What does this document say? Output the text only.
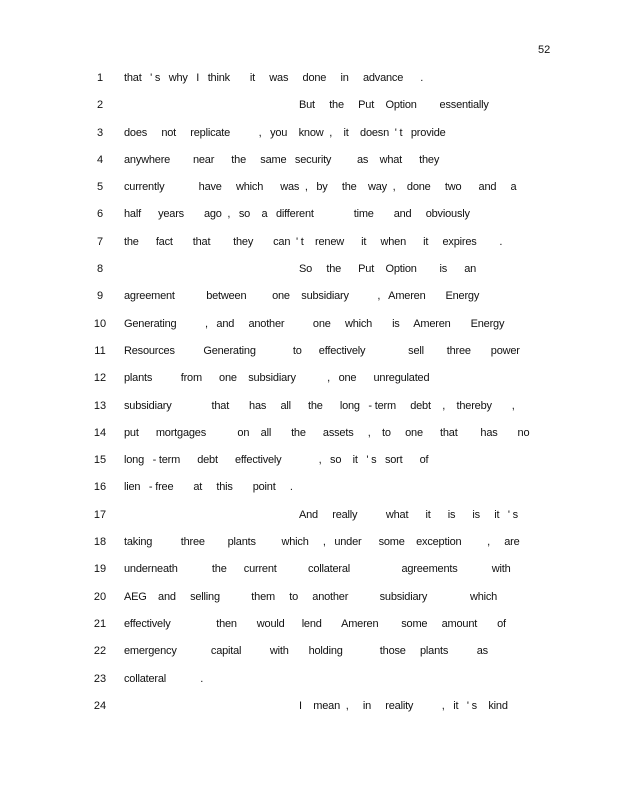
52
1	that   ' s   why   I   think       it     was     done     in     advance      .
2	But     the     Put    Option        essentially
3	does     not     replicate          ,   you    know  ,    it    doesn  ' t   provide
4	anywhere        near      the     same   security         as    what      they
5	currently            have     which      was  ,   by     the    way  ,    done     two      and     a
6	half      years       ago  ,   so    a   different              time       and     obviously
7	the      fact       that        they       can  ' t    renew      it     when      it     expires        .
8	So     the      Put    Option        is      an
9	agreement           between         one    subsidiary          ,   Ameren       Energy
10	Generating          ,   and     another          one     which       is     Ameren       Energy
11	Resources          Generating             to      effectively               sell        three       power
12	plants          from      one    subsidiary           ,   one      unregulated
13	subsidiary              that       has     all      the      long   - term     debt    ,    thereby       ,
14	put      mortgages           on    all       the      assets     ,    to     one      that        has       no
15	long   - term      debt      effectively             ,   so    it   ' s   sort      of
16	lien   - free       at     this       point     .
17	And     really          what      it      is      is     it   ' s
18	taking          three        plants         which     ,   under      some    exception         ,     are
19	underneath            the      current           collateral                  agreements            with
20	AEG    and     selling           them     to     another           subsidiary               which
21	effectively                then       would      lend       Ameren        some     amount       of
22	emergency            capital          with       holding             those     plants          as
23	collateral            .
24	I    mean  ,     in     reality          ,   it   ' s    kind
